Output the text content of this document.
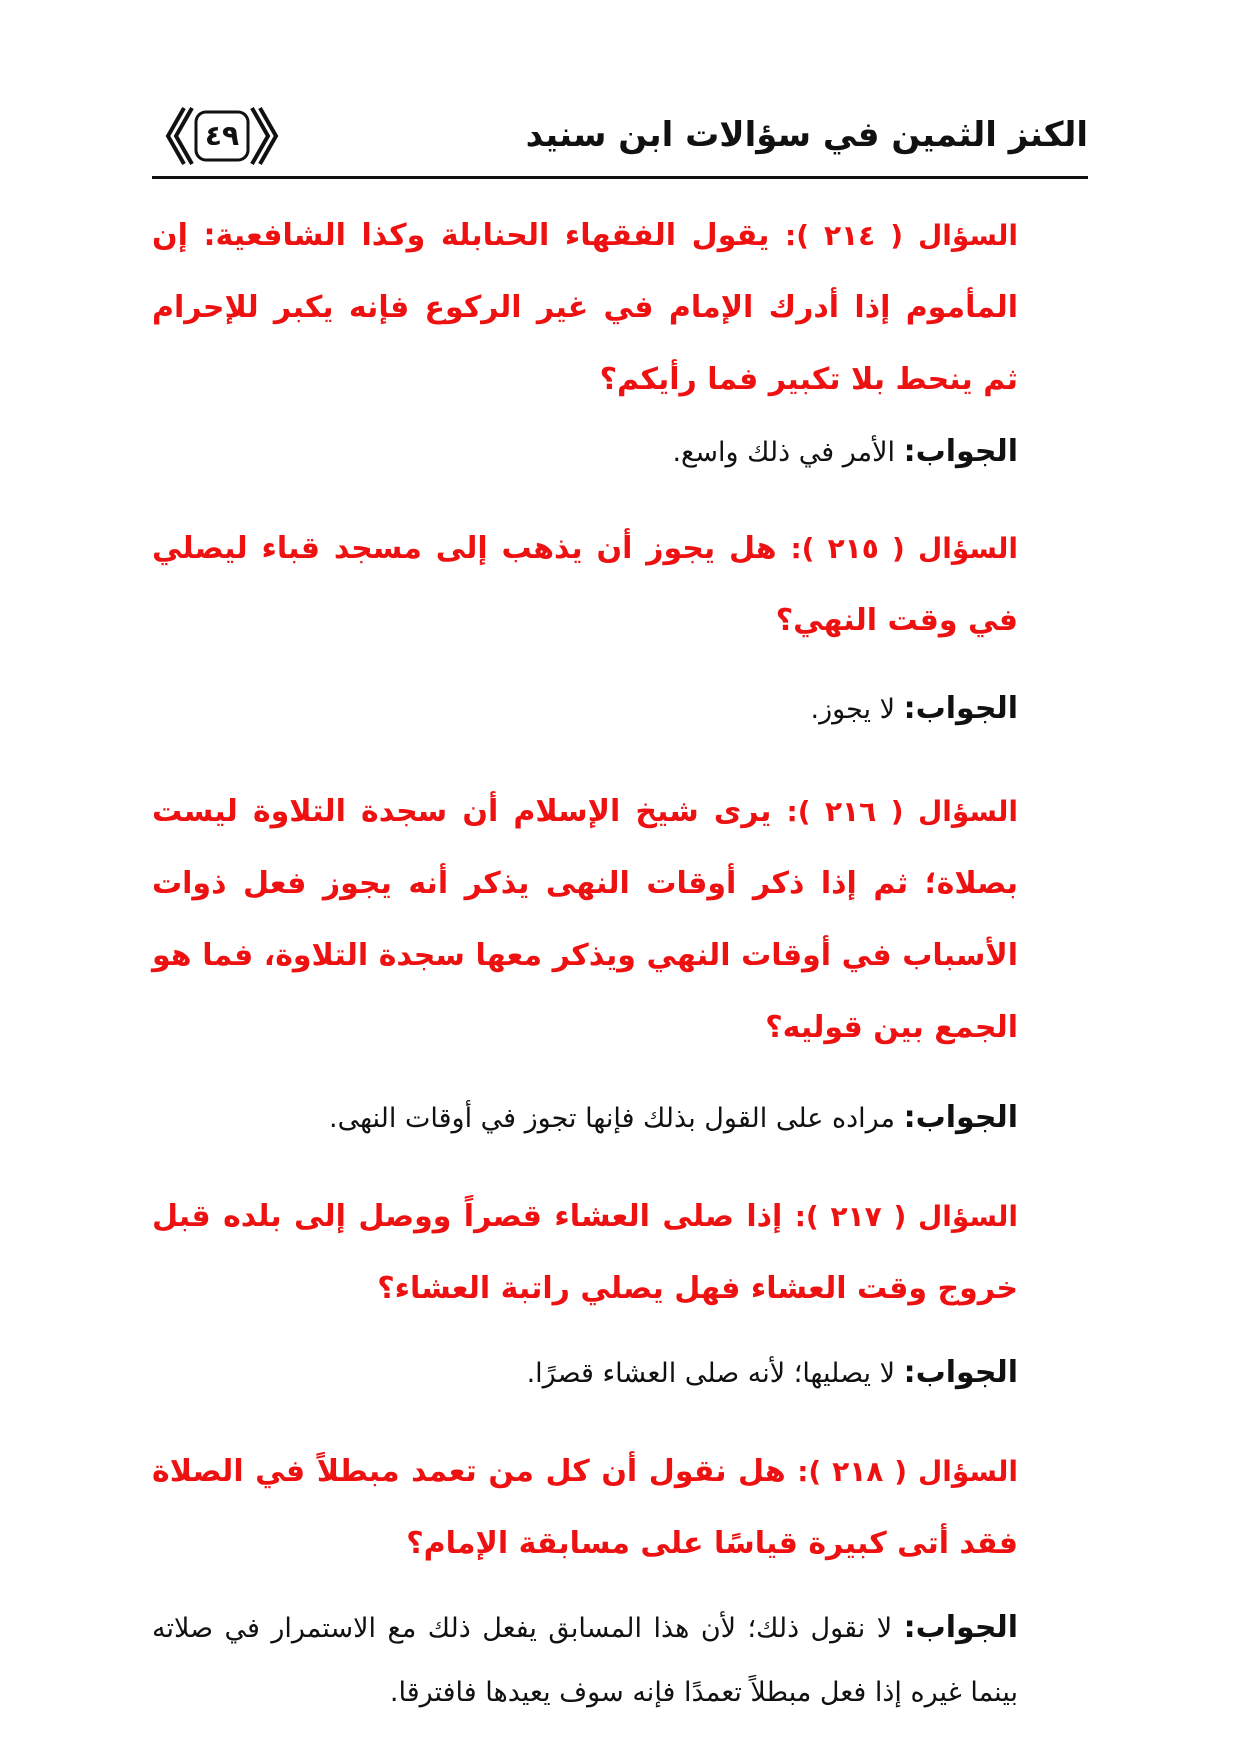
الكنز الثمين في سؤالات ابن سنيد
٤٩

السؤال ( ٢١٤ ): يقول الفقهاء الحنابلة وكذا الشافعية: إن المأموم إذا أدرك الإمام في غير الركوع فإنه يكبر للإحرام ثم ينحط بلا تكبير فما رأيكم؟

الجواب: الأمر في ذلك واسع.

السؤال ( ٢١٥ ): هل يجوز أن يذهب إلى مسجد قباء ليصلي في وقت النهي؟

الجواب: لا يجوز.

السؤال ( ٢١٦ ): يرى شيخ الإسلام أن سجدة التلاوة ليست بصلاة؛ ثم إذا ذكر أوقات النهى يذكر أنه يجوز فعل ذوات الأسباب في أوقات النهي ويذكر معها سجدة التلاوة، فما هو الجمع بين قوليه؟

الجواب: مراده على القول بذلك فإنها تجوز في أوقات النهى.

السؤال ( ٢١٧ ): إذا صلى العشاء قصراً ووصل إلى بلده قبل خروج وقت العشاء فهل يصلي راتبة العشاء؟

الجواب: لا يصليها؛ لأنه صلى العشاء قصرًا.

السؤال ( ٢١٨ ): هل نقول أن كل من تعمد مبطلاً في الصلاة فقد أتى كبيرة قياسًا على مسابقة الإمام؟

الجواب: لا نقول ذلك؛ لأن هذا المسابق يفعل ذلك مع الاستمرار في صلاته بينما غيره إذا فعل مبطلاً تعمدًا فإنه سوف يعيدها فافترقا.
